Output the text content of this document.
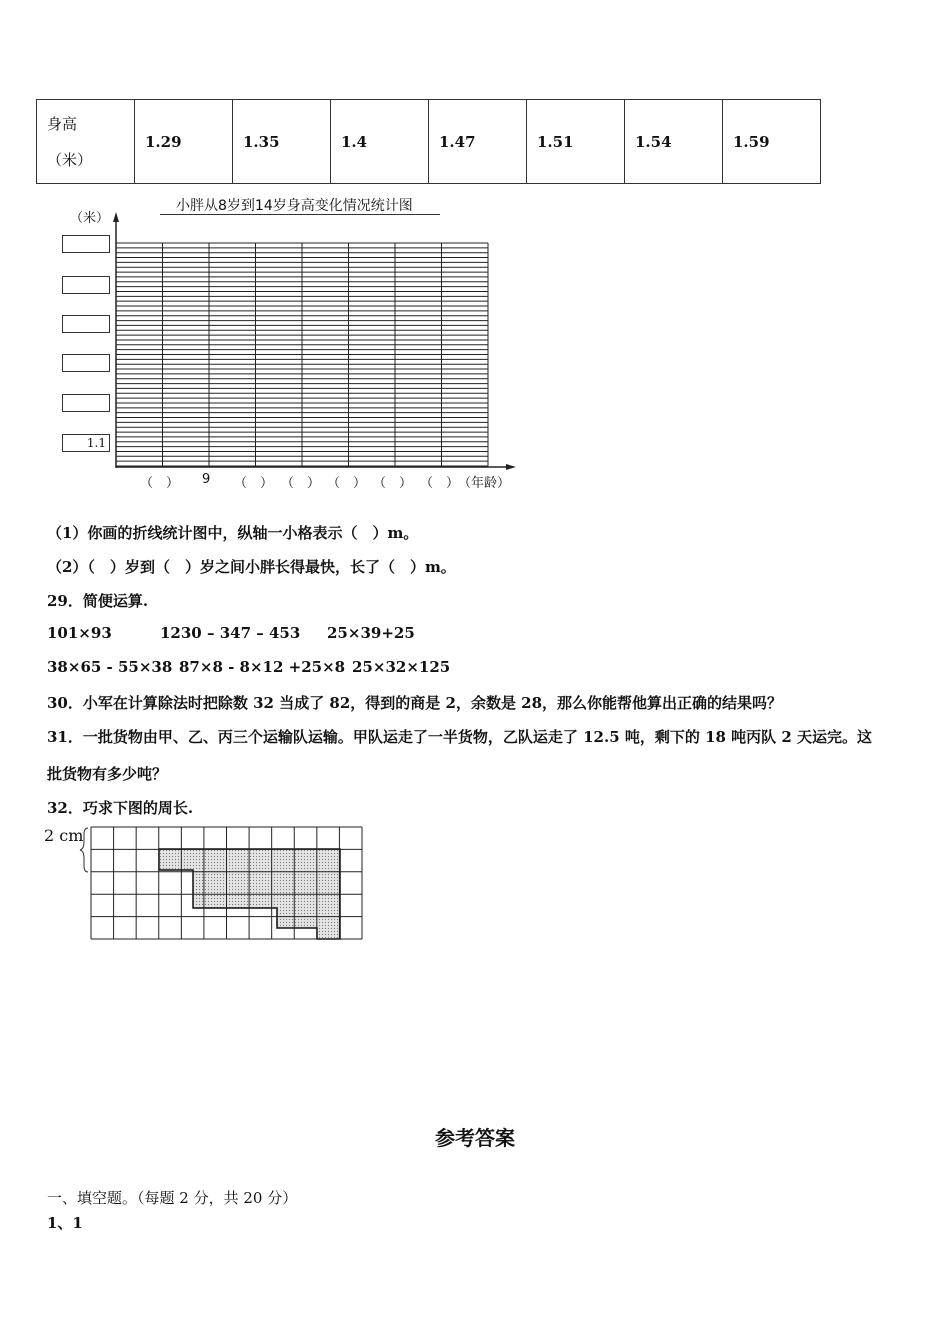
身高
（米）
	1.29	1.35	1.4	1.47	1.51	1.54	1.59
小胖从8岁到14岁身高变化情况统计图
（米）
1.1
（　） 9 （　） （　） （　） （　） （　）
（年龄）
（1）你画的折线统计图中，纵轴一小格表示（　）m。
（2）（　）岁到（　）岁之间小胖长得最快，长了（　）m。
29．简便运算.
101×93	1230 – 347 – 453 25×39+25
38×65 - 55×38 87×8 - 8×12 +25×8 25×32×125
30．小军在计算除法时把除数 32 当成了 82，得到的商是 2，余数是 28，那么你能帮他算出正确的结果吗？
31．一批货物由甲、乙、丙三个运输队运输。甲队运走了一半货物，乙队运走了 12.5 吨，剩下的 18 吨丙队 2 天运完。这
批货物有多少吨？
32．巧求下图的周长.
2 cm
参考答案
一、填空题。（每题 2 分，共 20 分）
1、1
